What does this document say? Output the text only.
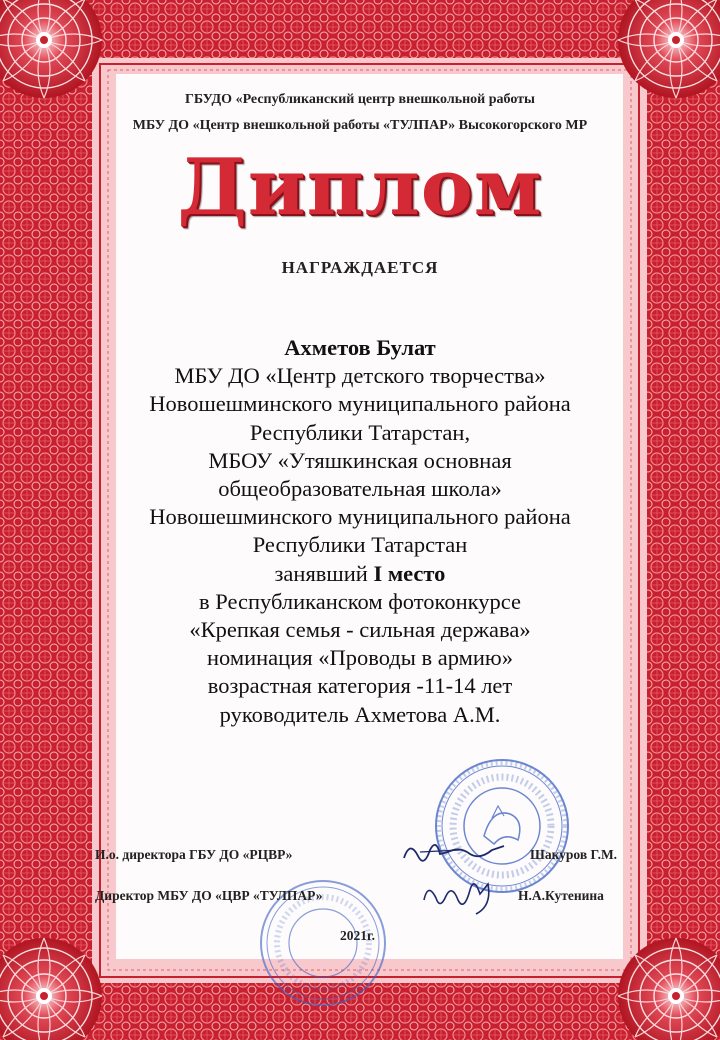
ГБУДО «Республиканский центр внешкольной работы
МБУ ДО «Центр внешкольной работы «ТУЛПАР» Высокогорского МР
Диплом
НАГРАЖДАЕТСЯ
Ахметов Булат
МБУ ДО «Центр детского творчества»
Новошешминского муниципального района
Республики Татарстан,
МБОУ «Утяшкинская основная
общеобразовательная школа»
Новошешминского муниципального района
Республики Татарстан
занявший I место
в Республиканском фотоконкурсе
«Крепкая семья - сильная держава»
номинация «Проводы в армию»
возрастная категория -11-14 лет
руководитель Ахметова А.М.
И.о. директора ГБУ ДО «РЦВР»	Шакуров Г.М.
Директор МБУ ДО «ЦВР «ТУЛПАР»	Н.А.Кутенина
2021г.
